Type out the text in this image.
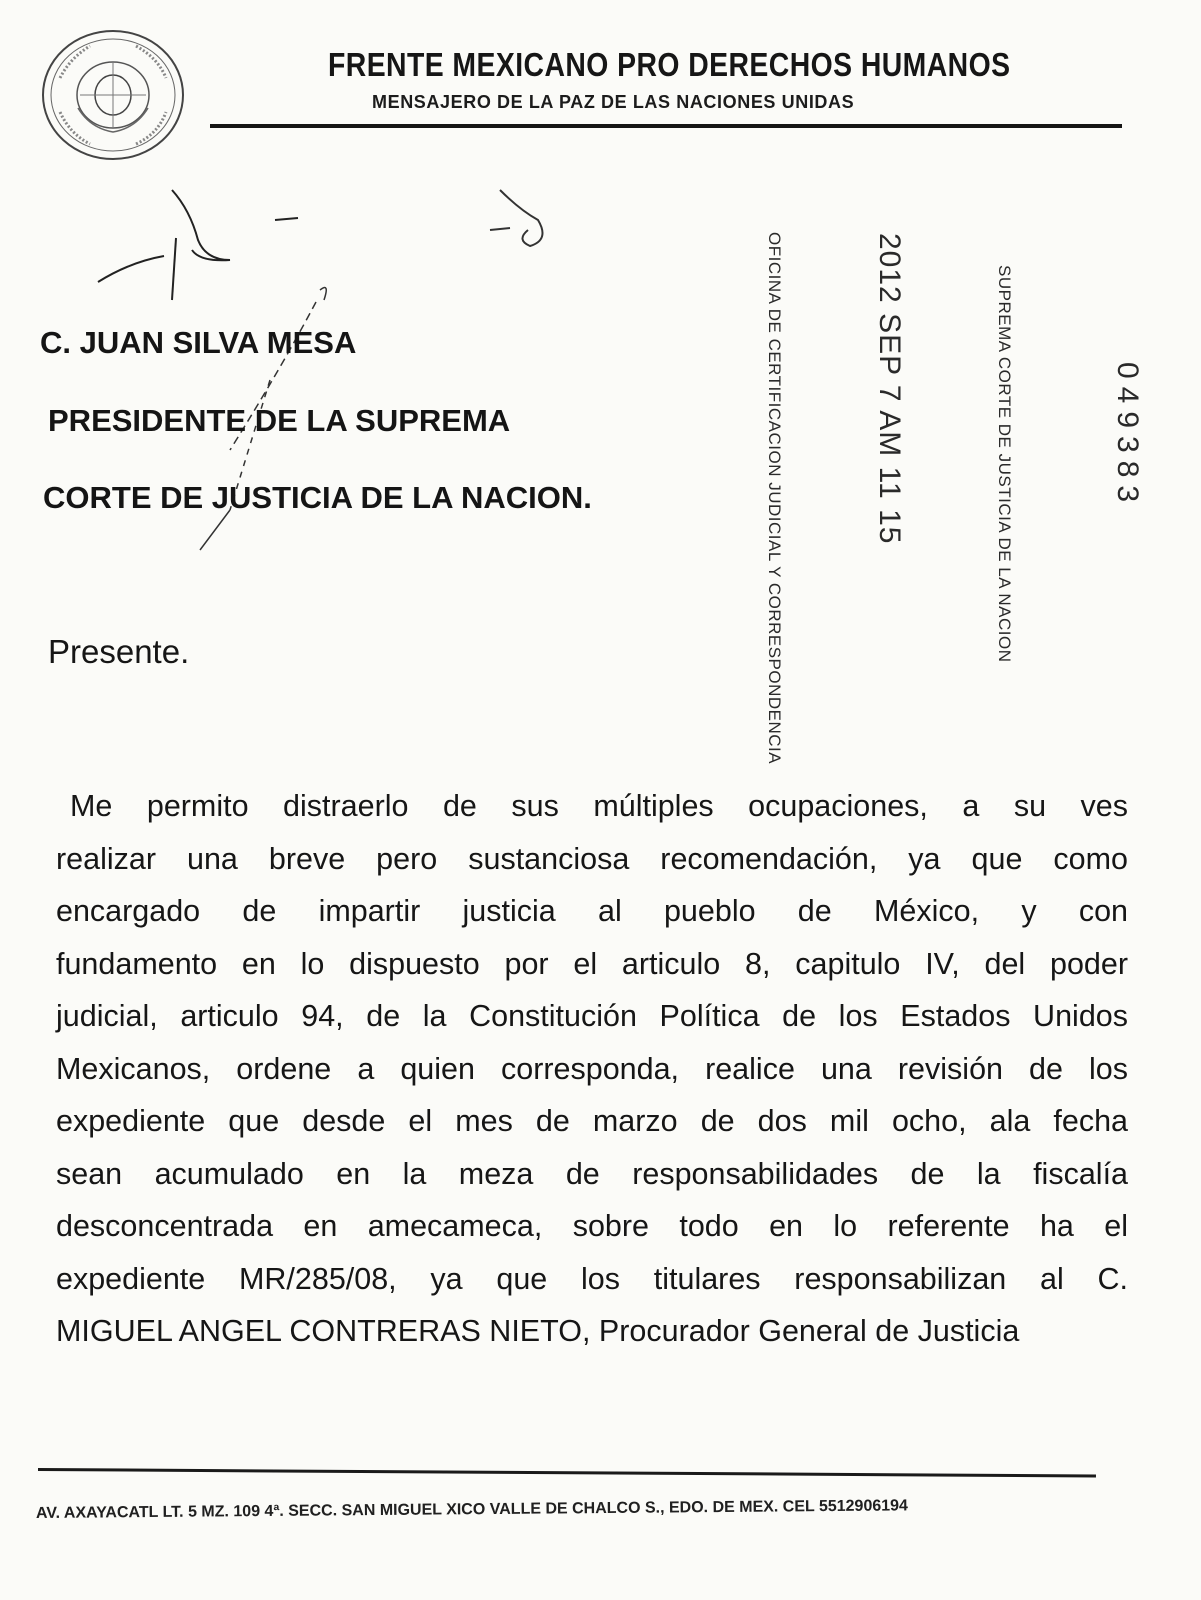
FRENTE MEXICANO PRO DERECHOS HUMANOS
MENSAJERO DE LA PAZ DE LAS NACIONES UNIDAS
C. JUAN SILVA MESA
PRESIDENTE DE LA SUPREMA
CORTE DE JUSTICIA DE LA NACION.	OFICINA DE CERTIFICACION JUDICIAL Y CORRESPONDENCIA	2012 SEP 7 AM 11 15	SUPREMA CORTE DE JUSTICIA DE LA NACION	049383
Presente.
Me permito distraerlo de sus múltiples ocupaciones, a su ves
realizar una breve pero sustanciosa recomendación, ya que como
encargado de impartir justicia al pueblo de México, y con
fundamento en lo dispuesto por el articulo 8, capitulo IV, del poder
judicial, articulo 94, de la Constitución Política de los Estados Unidos
Mexicanos, ordene a quien corresponda, realice una revisión de los
expediente que desde el mes de marzo de dos mil ocho, ala fecha
sean acumulado en la meza de responsabilidades de la fiscalía
desconcentrada en amecameca, sobre todo en lo referente ha el
expediente MR/285/08, ya que los titulares responsabilizan al C.
MIGUEL ANGEL CONTRERAS NIETO, Procurador General de Justicia
AV. AXAYACATL LT. 5 MZ. 109 4ª. SECC. SAN MIGUEL XICO VALLE DE CHALCO S., EDO. DE MEX. CEL 5512906194
